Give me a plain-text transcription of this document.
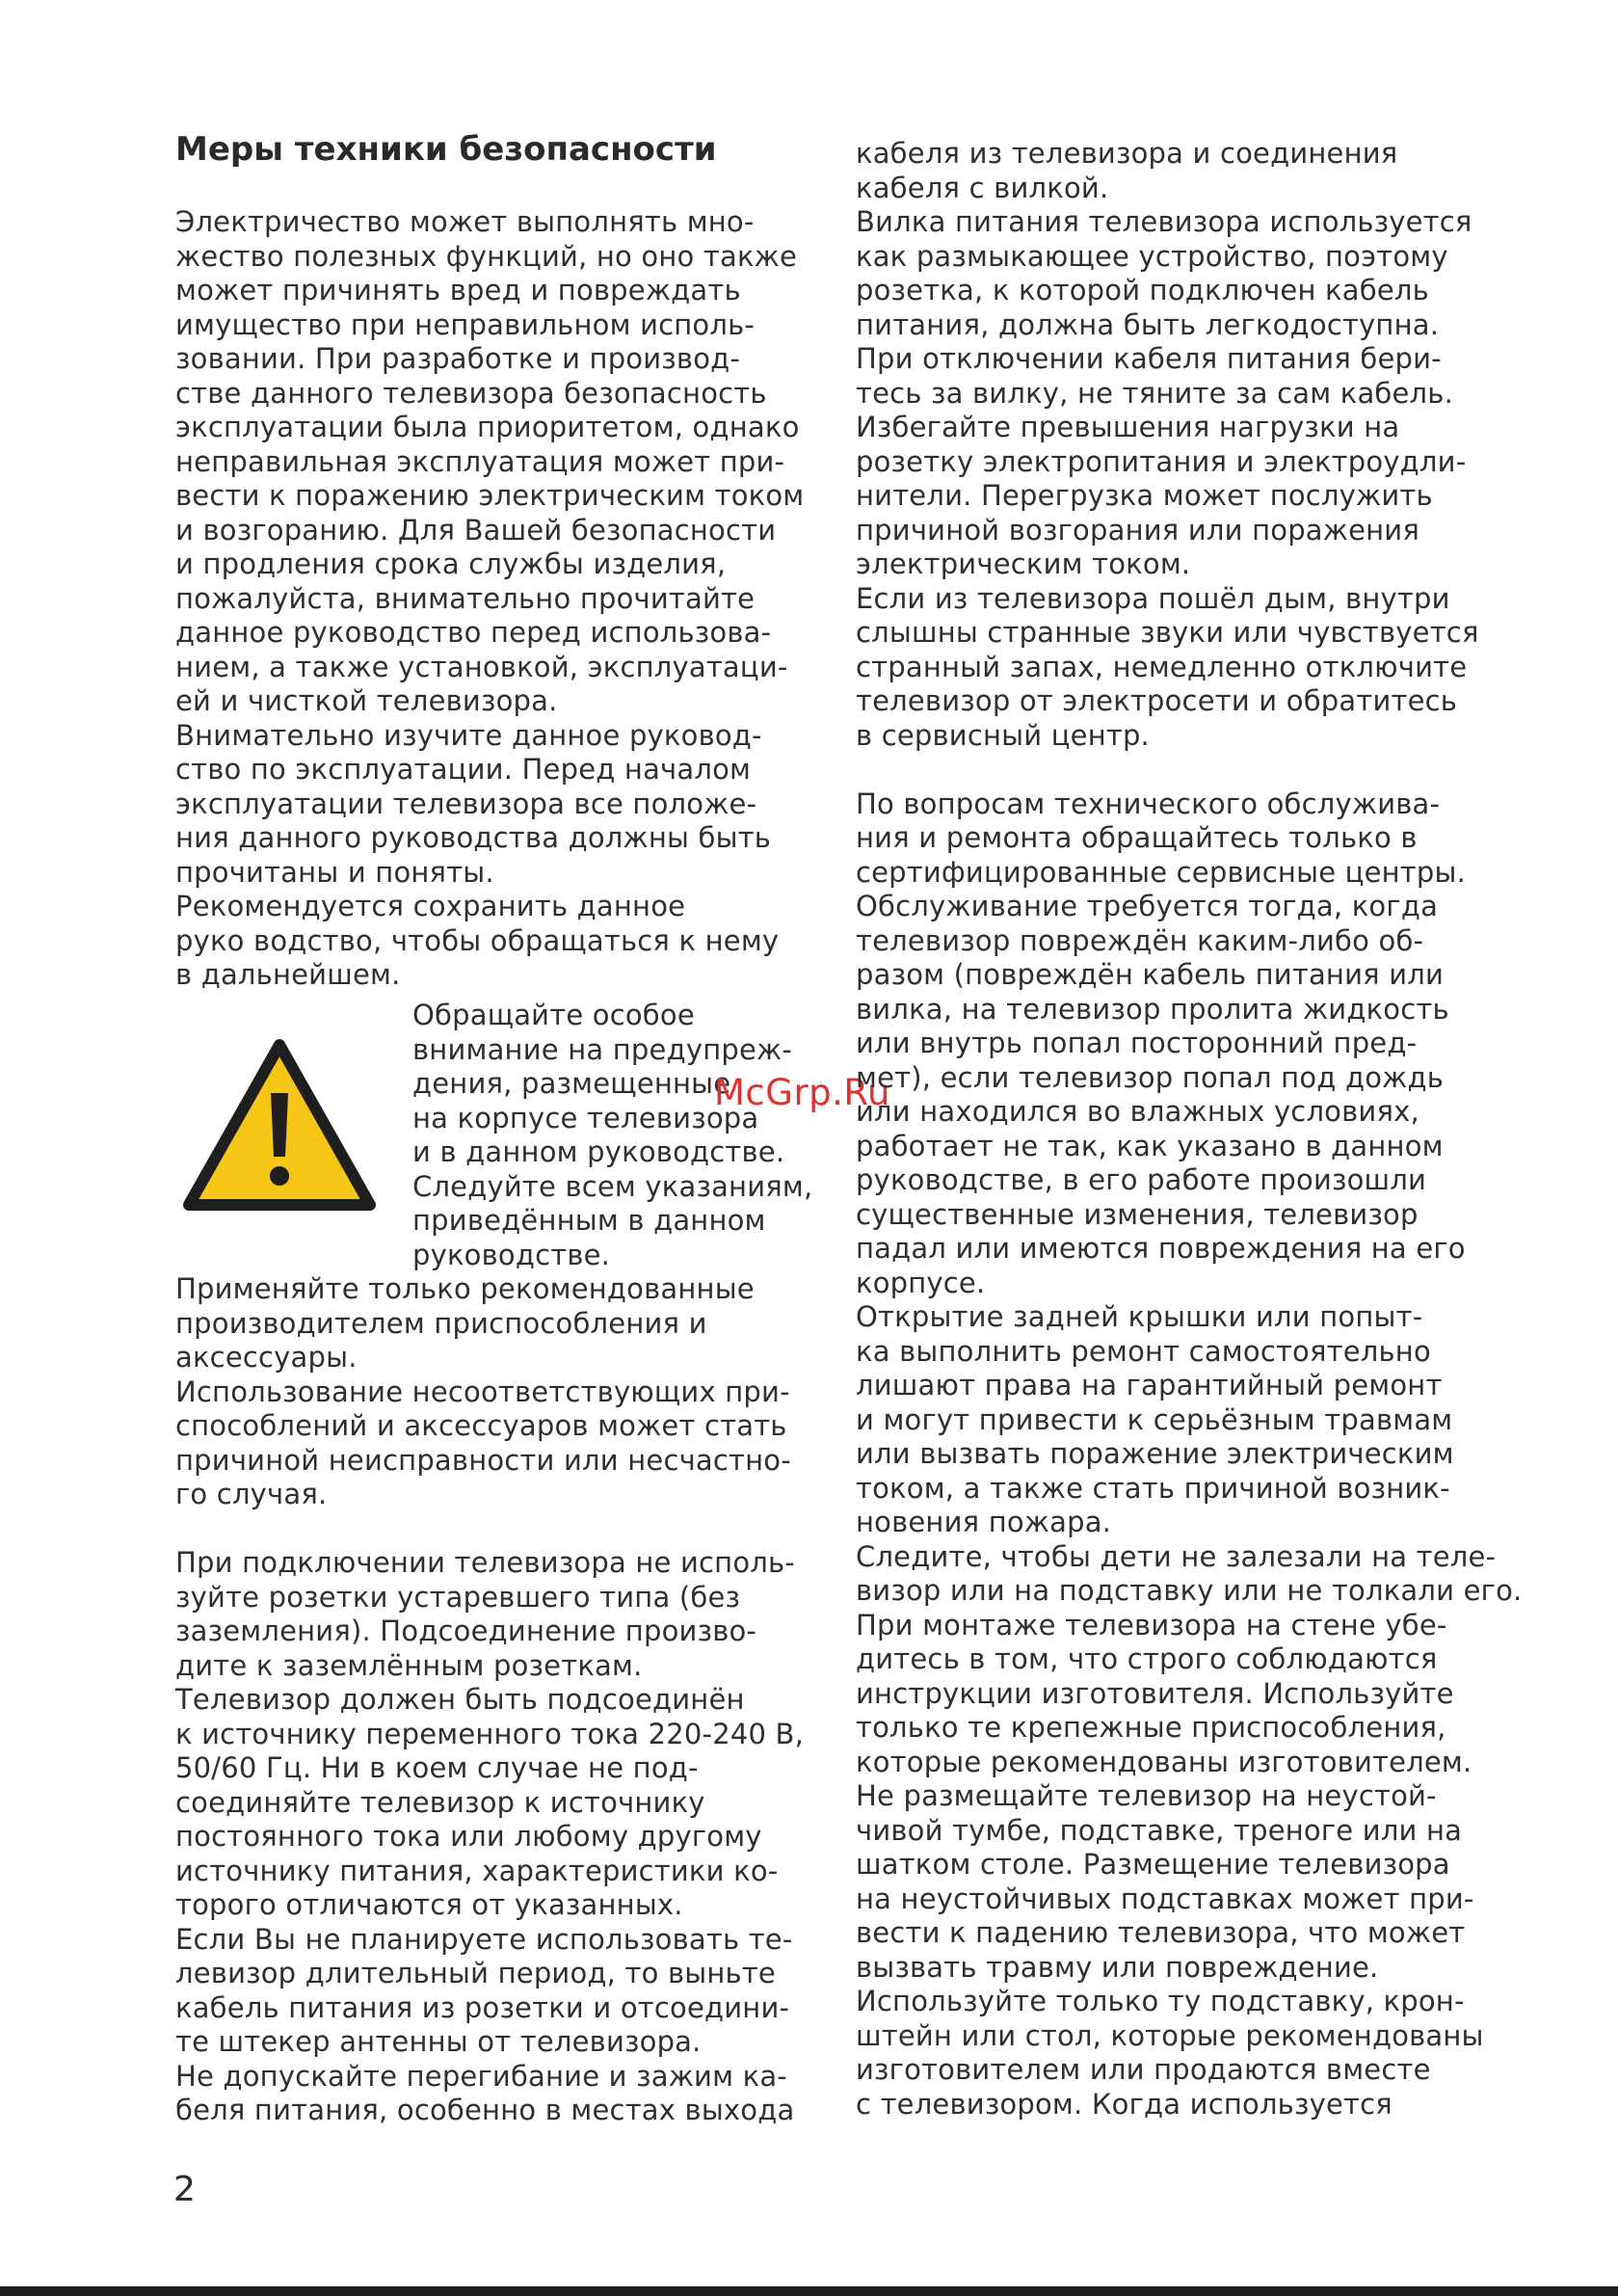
Меры техники безопасности
Электричество может выполнять мно-
жество полезных функций, но оно также
может причинять вред и повреждать
имущество при неправильном исполь-
зовании. При разработке и производ-
стве данного телевизора безопасность
эксплуатации была приоритетом, однако
неправильная эксплуатация может при-
вести к поражению электрическим током
и возгоранию. Для Вашей безопасности
и продления срока службы изделия,
пожалуйста, внимательно прочитайте
данное руководство перед использова-
нием, а также установкой, эксплуатаци-
ей и чисткой телевизора.
Внимательно изучите данное руковод-
ство по эксплуатации. Перед началом
эксплуатации телевизора все положе-
ния данного руководства должны быть
прочитаны и поняты.
Рекомендуется сохранить данное
руко водство, чтобы обращаться к нему
в дальнейшем.
Обращайте особое
внимание на предупреж-
дения, размещенные
на корпусе телевизора
и в данном руководстве.
Следуйте всем указаниям,
приведённым в данном
руководстве.
McGrp.Ru
Применяйте только рекомендованные
производителем приспособления и
аксессуары.
Использование несоответствующих при-
способлений и аксессуаров может стать
причиной неисправности или несчастно-
го случая.
При подключении телевизора не исполь-
зуйте розетки устаревшего типа (без
заземления). Подсоединение произво-
дите к заземлённым розеткам.
Телевизор должен быть подсоединён
к источнику переменного тока 220-240 В,
50/60 Гц. Ни в коем случае не под-
соединяйте телевизор к источнику
постоянного тока или любому другому
источнику питания, характеристики ко-
торого отличаются от указанных.
Если Вы не планируете использовать те-
левизор длительный период, то выньте
кабель питания из розетки и отсоедини-
те штекер антенны от телевизора.
Не допускайте перегибание и зажим ка-
беля питания, особенно в местах выхода
кабеля из телевизора и соединения
кабеля с вилкой.
Вилка питания телевизора используется
как размыкающее устройство, поэтому
розетка, к которой подключен кабель
питания, должна быть легкодоступна.
При отключении кабеля питания бери-
тесь за вилку, не тяните за сам кабель.
Избегайте превышения нагрузки на
розетку электропитания и электроудли-
нители. Перегрузка может послужить
причиной возгорания или поражения
электрическим током.
Если из телевизора пошёл дым, внутри
слышны странные звуки или чувствуется
странный запах, немедленно отключите
телевизор от электросети и обратитесь
в сервисный центр.
По вопросам технического обслужива-
ния и ремонта обращайтесь только в
сертифицированные сервисные центры.
Обслуживание требуется тогда, когда
телевизор повреждён каким-либо об-
разом (повреждён кабель питания или
вилка, на телевизор пролита жидкость
или внутрь попал посторонний пред-
мет), если телевизор попал под дождь
или находился во влажных условиях,
работает не так, как указано в данном
руководстве, в его работе произошли
существенные изменения, телевизор
падал или имеются повреждения на его
корпусе.
Открытие задней крышки или попыт-
ка выполнить ремонт самостоятельно
лишают права на гарантийный ремонт
и могут привести к серьёзным травмам
или вызвать поражение электрическим
током, а также стать причиной возник-
новения пожара.
Следите, чтобы дети не залезали на теле-
визор или на подставку или не толкали его.
При монтаже телевизора на стене убе-
дитесь в том, что строго соблюдаются
инструкции изготовителя. Используйте
только те крепежные приспособления,
которые рекомендованы изготовителем.
Не размещайте телевизор на неустой-
чивой тумбе, подставке, треноге или на
шатком столе. Размещение телевизора
на неустойчивых подставках может при-
вести к падению телевизора, что может
вызвать травму или повреждение.
Используйте только ту подставку, крон-
штейн или стол, которые рекомендованы
изготовителем или продаются вместе
с телевизором. Когда используется
2
